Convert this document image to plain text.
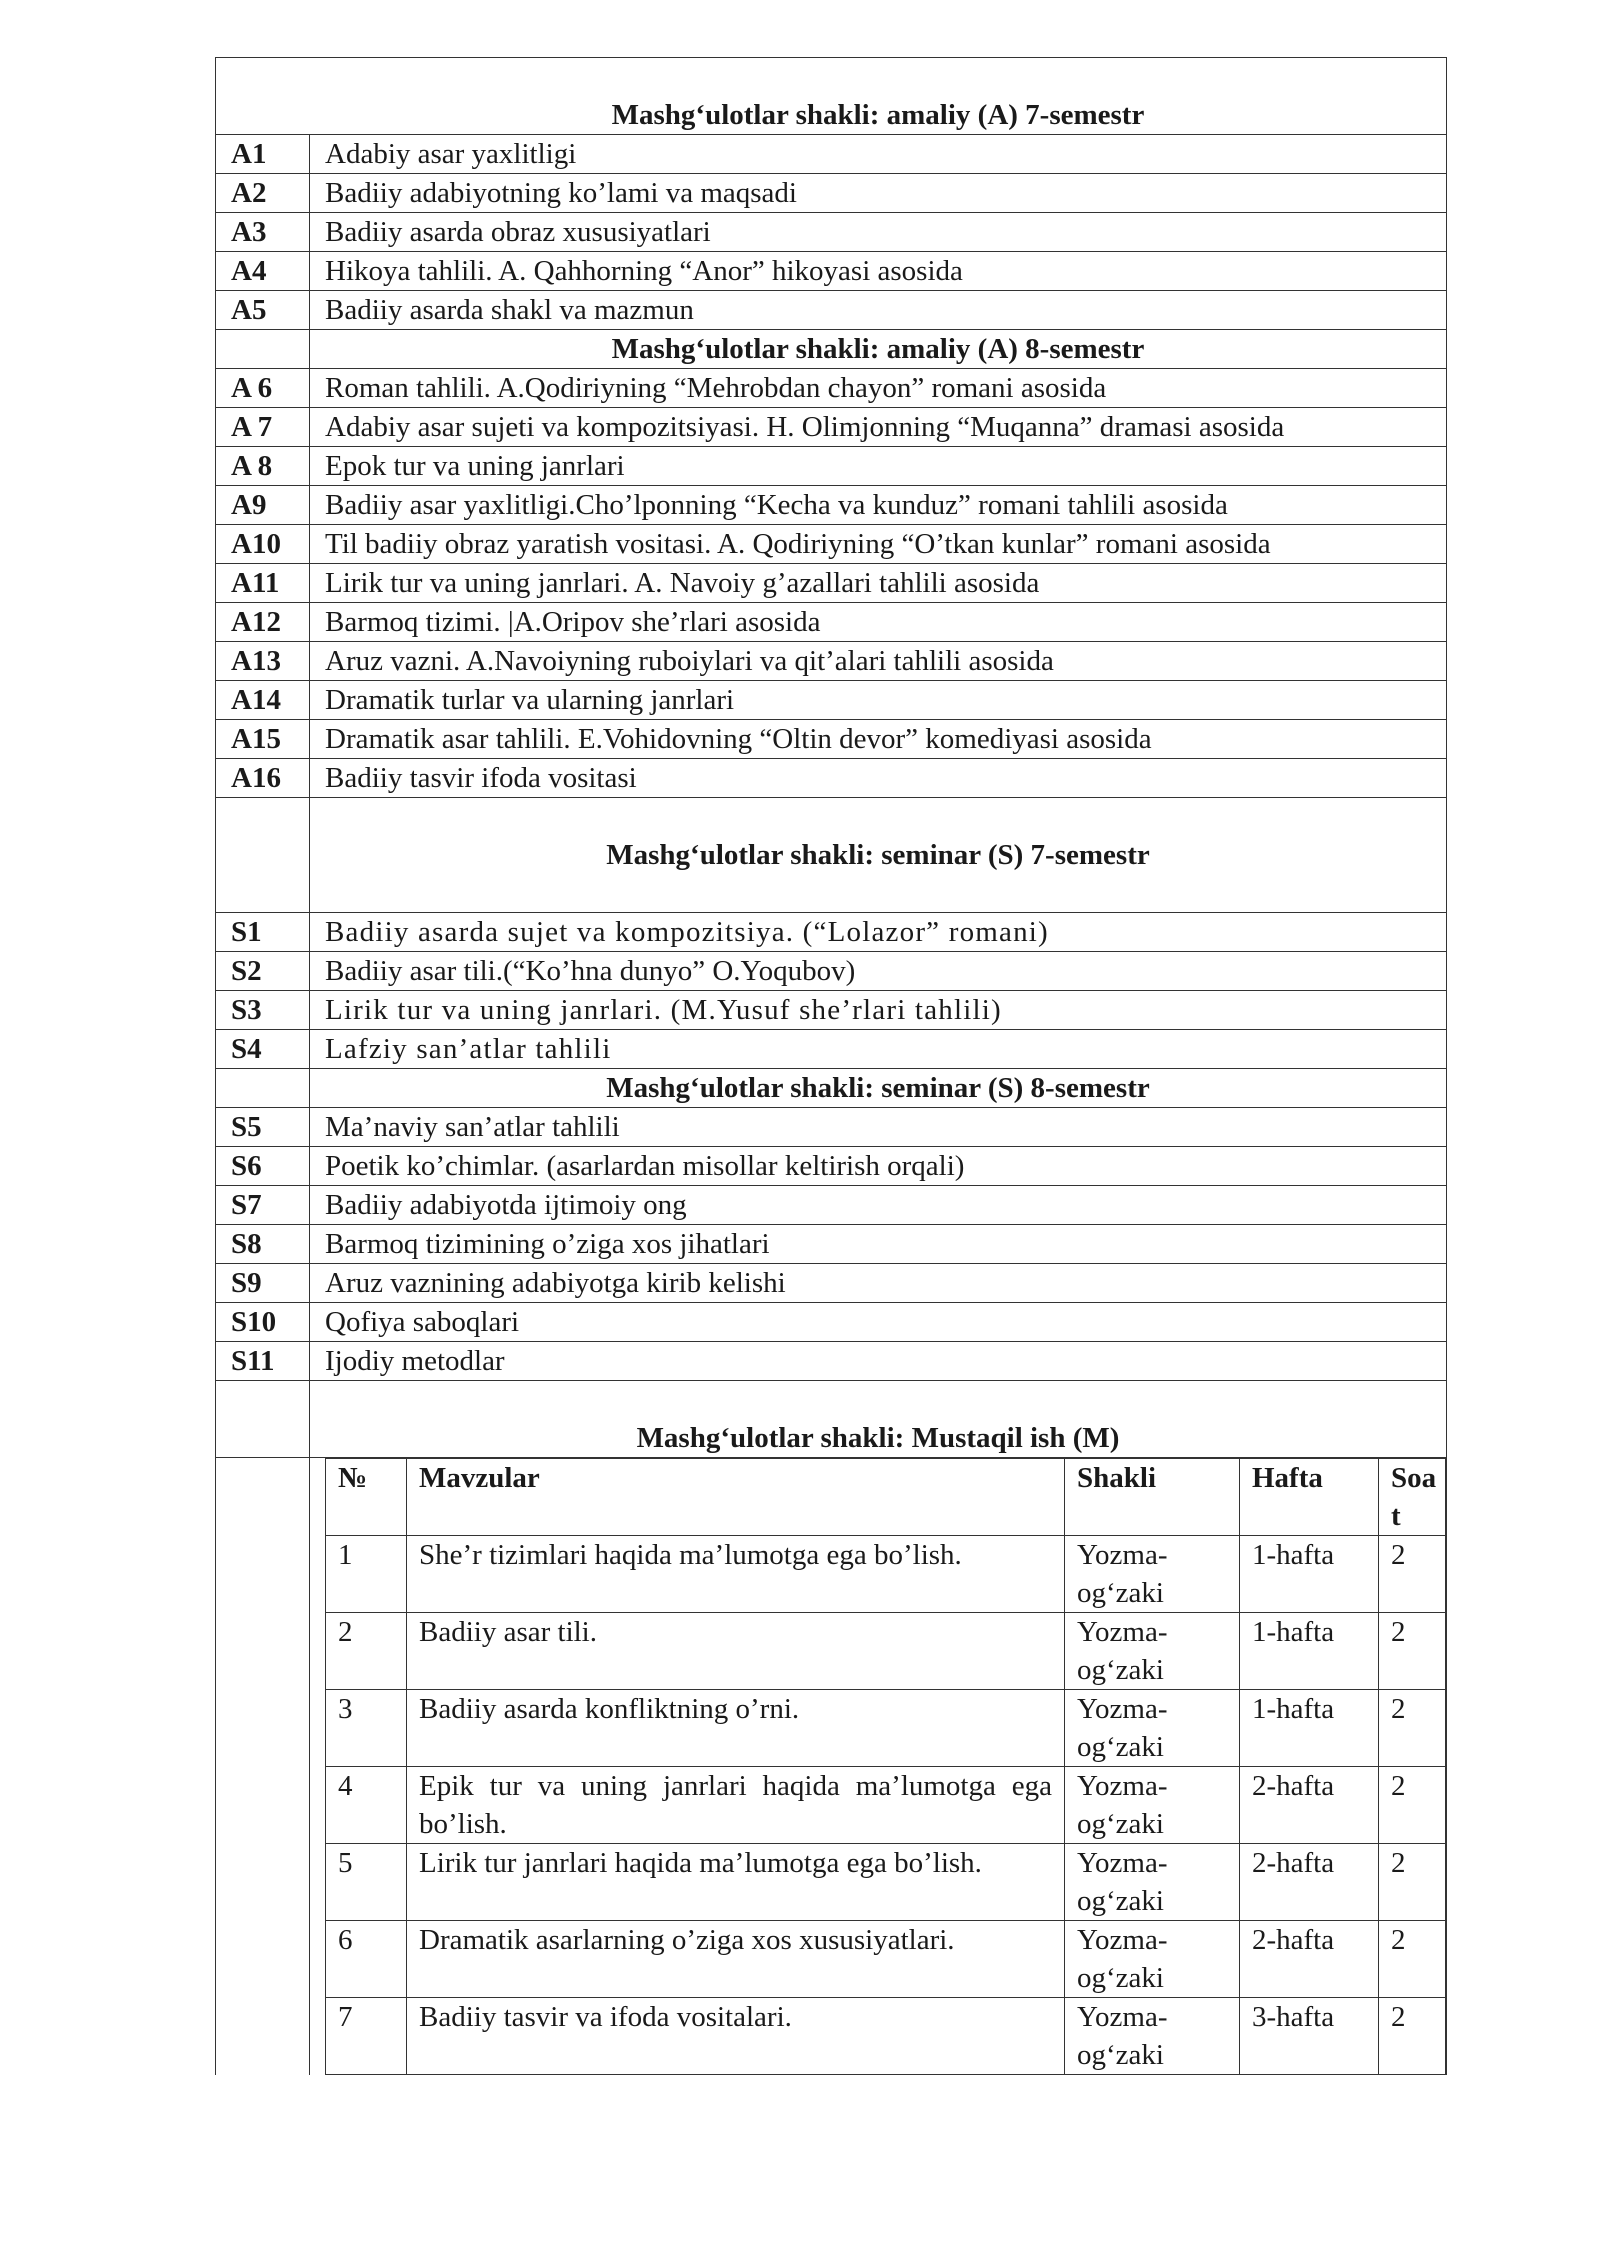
Mashg‘ulotlar shakli: amaliy (A) 7-semestr
A1	Adabiy asar yaxlitligi
A2	Badiiy adabiyotning ko’lami va maqsadi
A3	Badiiy asarda obraz xususiyatlari
A4	Hikoya tahlili. A. Qahhorning “Anor” hikoyasi asosida
A5	Badiiy asarda shakl va mazmun
Mashg‘ulotlar shakli: amaliy (A) 8-semestr
A 6	Roman tahlili. A.Qodiriyning “Mehrobdan chayon” romani asosida
A 7	Adabiy asar sujeti va kompozitsiyasi. H. Olimjonning “Muqanna” dramasi asosida
A 8	Epok tur va uning janrlari
A9	Badiiy asar yaxlitligi.Cho’lponning “Kecha va kunduz” romani tahlili asosida
A10	Til badiiy obraz yaratish vositasi. A. Qodiriyning “O’tkan kunlar” romani asosida
A11	Lirik tur va uning janrlari. A. Navoiy g’azallari tahlili asosida
A12	Barmoq tizimi. |A.Oripov she’rlari asosida
A13	Aruz vazni. A.Navoiyning ruboiylari va qit’alari tahlili asosida
A14	Dramatik turlar va ularning janrlari
A15	Dramatik asar tahlili. E.Vohidovning “Oltin devor” komediyasi asosida
A16	Badiiy tasvir ifoda vositasi
Mashg‘ulotlar shakli: seminar (S) 7-semestr
S1	Badiiy asarda sujet va kompozitsiya. (“Lolazor” romani)
S2	Badiiy asar tili.(“Ko’hna dunyo” O.Yoqubov)
S3	Lirik tur va uning janrlari. (M.Yusuf she’rlari tahlili)
S4	Lafziy san’atlar tahlili
Mashg‘ulotlar shakli: seminar (S) 8-semestr
S5	Ma’naviy san’atlar tahlili
S6	Poetik ko’chimlar. (asarlardan misollar keltirish orqali)
S7	Badiiy adabiyotda ijtimoiy ong
S8	Barmoq tizimining o’ziga xos jihatlari
S9	Aruz vaznining adabiyotga kirib kelishi
S10	Qofiya saboqlari
S11	Ijodiy metodlar
Mashg‘ulotlar shakli: Mustaqil ish (M)
№	Mavzular	Shakli	Hafta	Soat
1	She’r tizimlari haqida ma’lumotga ega bo’lish.	Yozma-og‘zaki	1-hafta	2
2	Badiiy asar tili.	Yozma-og‘zaki	1-hafta	2
3	Badiiy asarda konfliktning o’rni.	Yozma-og‘zaki	1-hafta	2
4	Epik tur va uning janrlari haqida ma’lumotga ega bo’lish.	Yozma-og‘zaki	2-hafta	2
5	Lirik tur janrlari haqida ma’lumotga ega bo’lish.	Yozma-og‘zaki	2-hafta	2
6	Dramatik asarlarning o’ziga xos xususiyatlari.	Yozma-og‘zaki	2-hafta	2
7	Badiiy tasvir va ifoda vositalari.	Yozma-og‘zaki	3-hafta	2
